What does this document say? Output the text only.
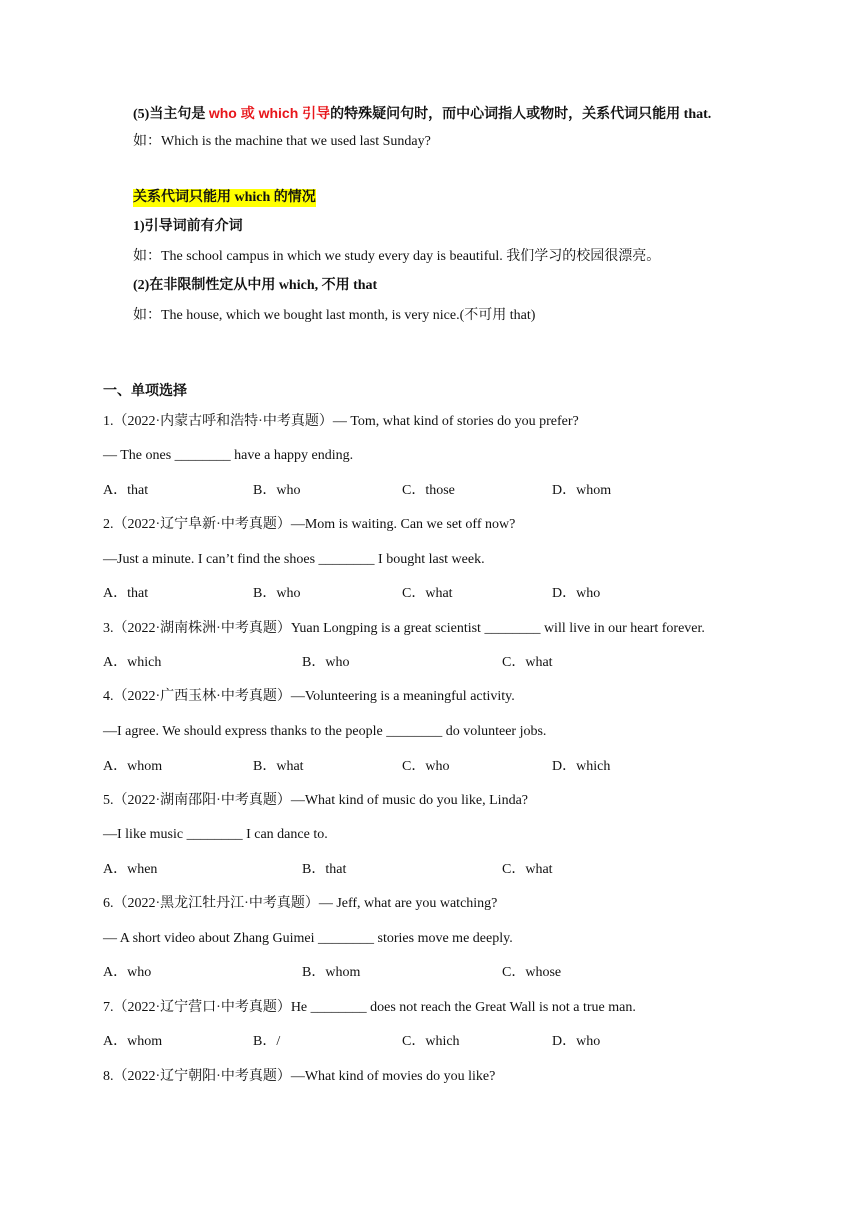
(5)当主句是 who 或 which 引导的特殊疑问句时，而中心词指人或物时，关系代词只能用 that.
如：Which is the machine that we used last Sunday?
关系代词只能用 which 的情况
1)引导词前有介词
如：The school campus in which we study every day is beautiful. 我们学习的校园很漂亮。
(2)在非限制性定从中用 which, 不用 that
如：The house, which we bought last month, is very nice.(不可用 that)
一、单项选择
1.（2022·内蒙古呼和浩特·中考真题）— Tom, what kind of stories do you prefer?
— The ones ________ have a happy ending.
A．that	B．who	C．those	D．whom
2.（2022·辽宁阜新·中考真题）—Mom is waiting. Can we set off now?
—Just a minute. I can’t find the shoes ________ I bought last week.
A．that	B．who	C．what	D．who
3.（2022·湖南株洲·中考真题）Yuan Longping is a great scientist ________ will live in our heart forever.
A．which	B．who	C．what
4.（2022·广西玉林·中考真题）—Volunteering is a meaningful activity.
—I agree. We should express thanks to the people ________ do volunteer jobs.
A．whom	B．what	C．who	D．which
5.（2022·湖南邵阳·中考真题）—What kind of music do you like, Linda?
—I like music ________ I can dance to.
A．when	B．that	C．what
6.（2022·黑龙江牡丹江·中考真题）— Jeff, what are you watching?
— A short video about Zhang Guimei ________ stories move me deeply.
A．who	B．whom	C．whose
7.（2022·辽宁营口·中考真题）He ________ does not reach the Great Wall is not a true man.
A．whom	B．/	C．which	D．who
8.（2022·辽宁朝阳·中考真题）—What kind of movies do you like?
